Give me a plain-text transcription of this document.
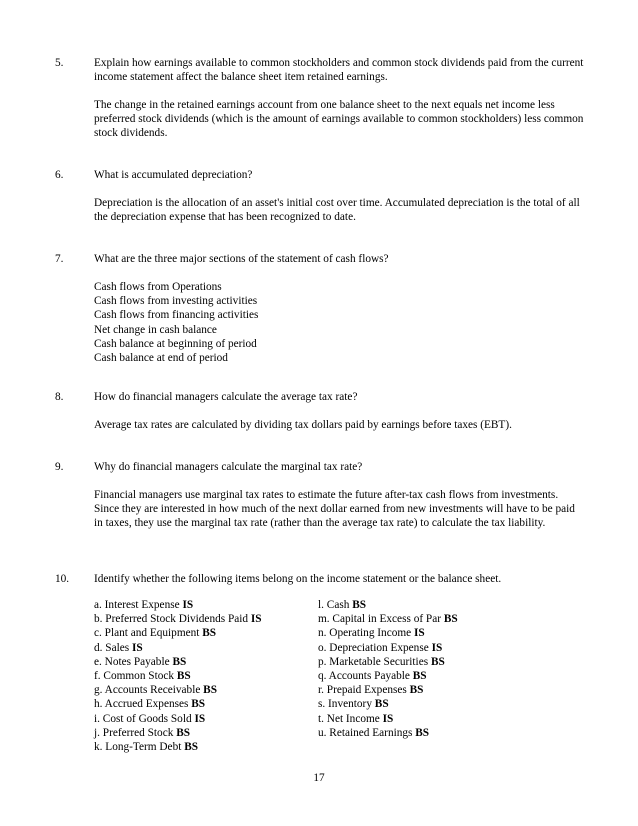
5.	Explain how earnings available to common stockholders and common stock dividends paid from the current income statement affect the balance sheet item retained earnings.

The change in the retained earnings account from one balance sheet to the next equals net income less preferred stock dividends (which is the amount of earnings available to common stockholders) less common stock dividends.

6.	What is accumulated depreciation?

Depreciation is the allocation of an asset's initial cost over time. Accumulated depreciation is the total of all the depreciation expense that has been recognized to date.

7.	What are the three major sections of the statement of cash flows?
Cash flows from Operations
Cash flows from investing activities
Cash flows from financing activities
Net change in cash balance
Cash balance at beginning of period
Cash balance at end of period
8.	How do financial managers calculate the average tax rate?

Average tax rates are calculated by dividing tax dollars paid by earnings before taxes (EBT).

9.	Why do financial managers calculate the marginal tax rate?

Financial managers use marginal tax rates to estimate the future after-tax cash flows from investments. Since they are interested in how much of the next dollar earned from new investments will have to be paid in taxes, they use the marginal tax rate (rather than the average tax rate) to calculate the tax liability.

10. Identify whether the following items belong on the income statement or the balance sheet.
a. Interest Expense IS
b. Preferred Stock Dividends Paid IS
c. Plant and Equipment BS
d. Sales IS
e. Notes Payable BS
f. Common Stock BS
g. Accounts Receivable BS
h. Accrued Expenses BS
i. Cost of Goods Sold IS
j. Preferred Stock BS
k. Long-Term Debt BS
l. Cash BS
m. Capital in Excess of Par BS
n. Operating Income IS
o. Depreciation Expense IS
p. Marketable Securities BS
q. Accounts Payable BS
r. Prepaid Expenses BS
s. Inventory BS
t. Net Income IS
u. Retained Earnings BS
17
